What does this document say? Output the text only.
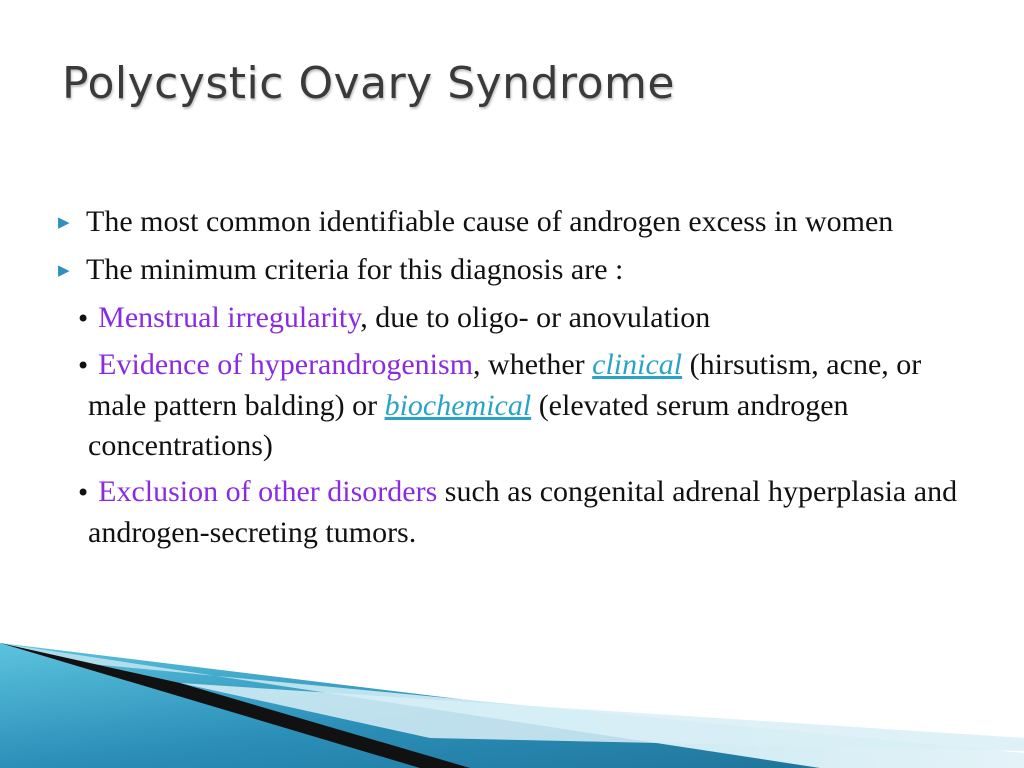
Polycystic Ovary Syndrome
▶ The most common identifiable cause of androgen excess in women
▶ The minimum criteria for this diagnosis are :
• Menstrual irregularity, due to oligo- or anovulation
• Evidence of hyperandrogenism, whether clinical (hirsutism, acne, or male pattern balding) or biochemical (elevated serum androgen concentrations)
• Exclusion of other disorders such as congenital adrenal hyperplasia and androgen-secreting tumors.
